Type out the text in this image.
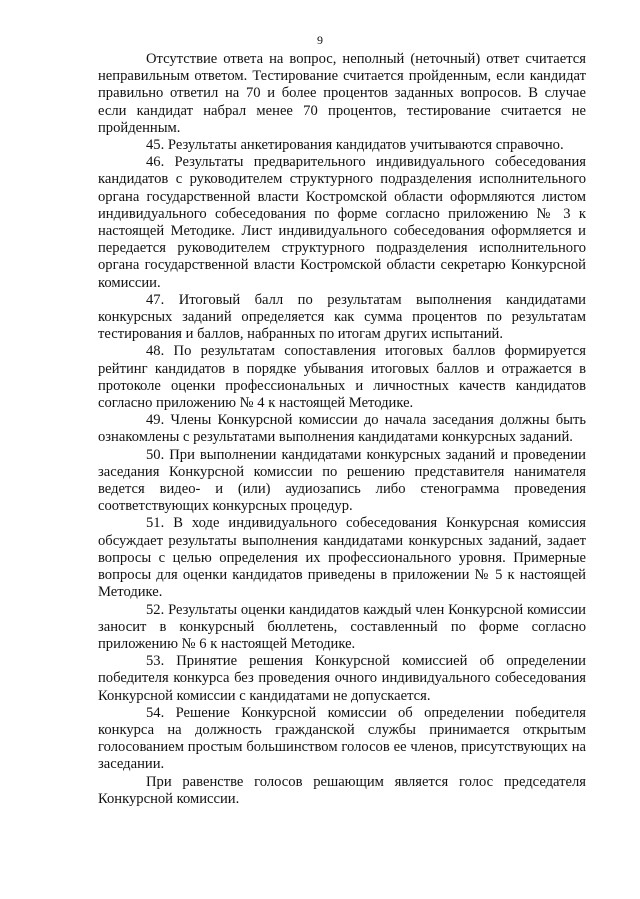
9

Отсутствие ответа на вопрос, неполный (неточный) ответ считается неправильным ответом. Тестирование считается пройденным, если кандидат правильно ответил на 70 и более процентов заданных вопросов. В случае если кандидат набрал менее 70 процентов, тестирование считается не пройденным.

45. Результаты анкетирования кандидатов учитываются справочно.

46. Результаты предварительного индивидуального собеседования кандидатов с руководителем структурного подразделения исполнительного органа государственной власти Костромской области оформляются листом индивидуального собеседования по форме согласно приложению № 3 к настоящей Методике. Лист индивидуального собеседования оформляется и передается руководителем структурного подразделения исполнительного органа государственной власти Костромской области секретарю Конкурсной комиссии.

47. Итоговый балл по результатам выполнения кандидатами конкурсных заданий определяется как сумма процентов по результатам тестирования и баллов, набранных по итогам других испытаний.

48. По результатам сопоставления итоговых баллов формируется рейтинг кандидатов в порядке убывания итоговых баллов и отражается в протоколе оценки профессиональных и личностных качеств кандидатов согласно приложению № 4 к настоящей Методике.

49. Члены Конкурсной комиссии до начала заседания должны быть ознакомлены с результатами выполнения кандидатами конкурсных заданий.

50. При выполнении кандидатами конкурсных заданий и проведении заседания Конкурсной комиссии по решению представителя нанимателя ведется видео- и (или) аудиозапись либо стенограмма проведения соответствующих конкурсных процедур.

51. В ходе индивидуального собеседования Конкурсная комиссия обсуждает результаты выполнения кандидатами конкурсных заданий, задает вопросы с целью определения их профессионального уровня. Примерные вопросы для оценки кандидатов приведены в приложении № 5 к настоящей Методике.

52. Результаты оценки кандидатов каждый член Конкурсной комиссии заносит в конкурсный бюллетень, составленный по форме согласно приложению № 6 к настоящей Методике.

53. Принятие решения Конкурсной комиссией об определении победителя конкурса без проведения очного индивидуального собеседования Конкурсной комиссии с кандидатами не допускается.

54. Решение Конкурсной комиссии об определении победителя конкурса на должность гражданской службы принимается открытым голосованием простым большинством голосов ее членов, присутствующих на заседании.

При равенстве голосов решающим является голос председателя Конкурсной комиссии.
